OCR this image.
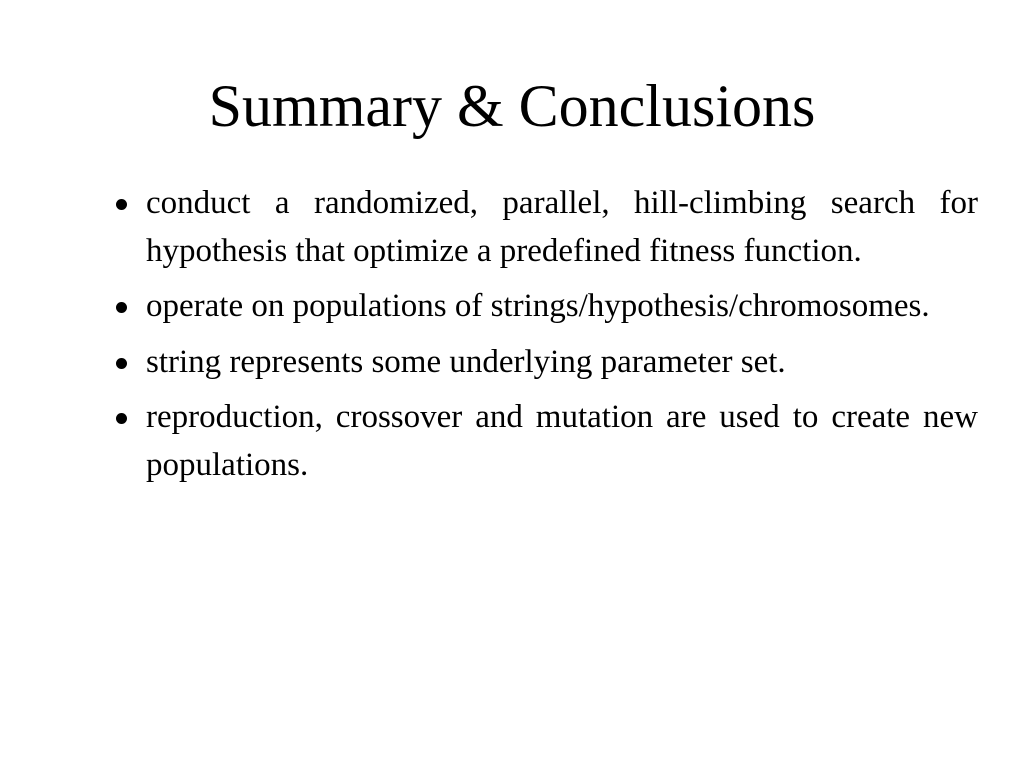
Summary & Conclusions
conduct a randomized, parallel, hill-climbing search for hypothesis that optimize a predefined fitness function.
operate on populations of strings/hypothesis/chromosomes.
string represents some underlying parameter set.
reproduction, crossover and mutation are used to create new populations.
